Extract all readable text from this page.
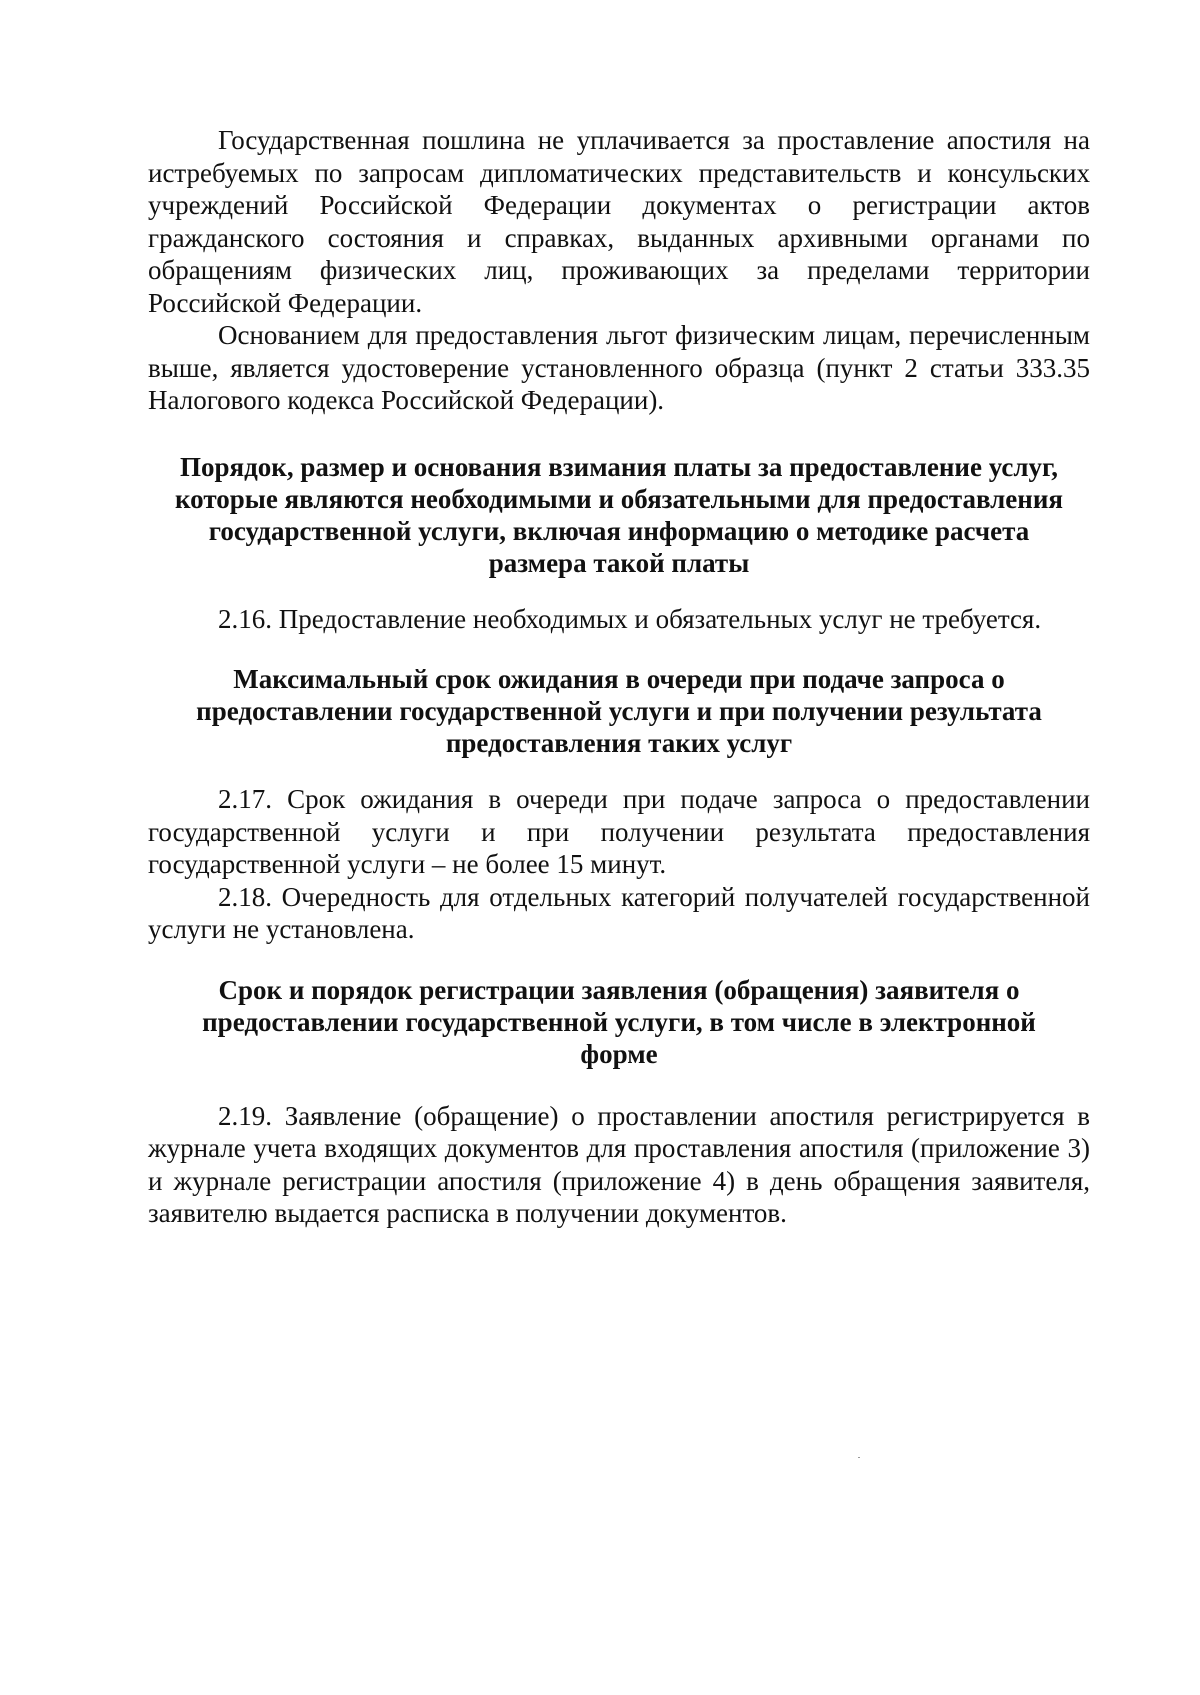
Государственная пошлина не уплачивается за проставление апостиля на истребуемых по запросам дипломатических представительств и консульских учреждений Российской Федерации документах о регистрации актов гражданского состояния и справках, выданных архивными органами по обращениям физических лиц, проживающих за пределами территории Российской Федерации.

Основанием для предоставления льгот физическим лицам, перечисленным выше, является удостоверение установленного образца (пункт 2 статьи 333.35 Налогового кодекса Российской Федерации).

Порядок, размер и основания взимания платы за предоставление услуг, которые являются необходимыми и обязательными для предоставления государственной услуги, включая информацию о методике расчета размера такой платы

2.16. Предоставление необходимых и обязательных услуг не требуется.

Максимальный срок ожидания в очереди при подаче запроса о предоставлении государственной услуги и при получении результата предоставления таких услуг

2.17. Срок ожидания в очереди при подаче запроса о предоставлении государственной услуги и при получении результата предоставления государственной услуги – не более 15 минут.

2.18. Очередность для отдельных категорий получателей государственной услуги не установлена.

Срок и порядок регистрации заявления (обращения) заявителя о предоставлении государственной услуги, в том числе в электронной форме

2.19. Заявление (обращение) о проставлении апостиля регистрируется в журнале учета входящих документов для проставления апостиля (приложение 3) и журнале регистрации апостиля (приложение 4) в день обращения заявителя, заявителю выдается расписка в получении документов.
